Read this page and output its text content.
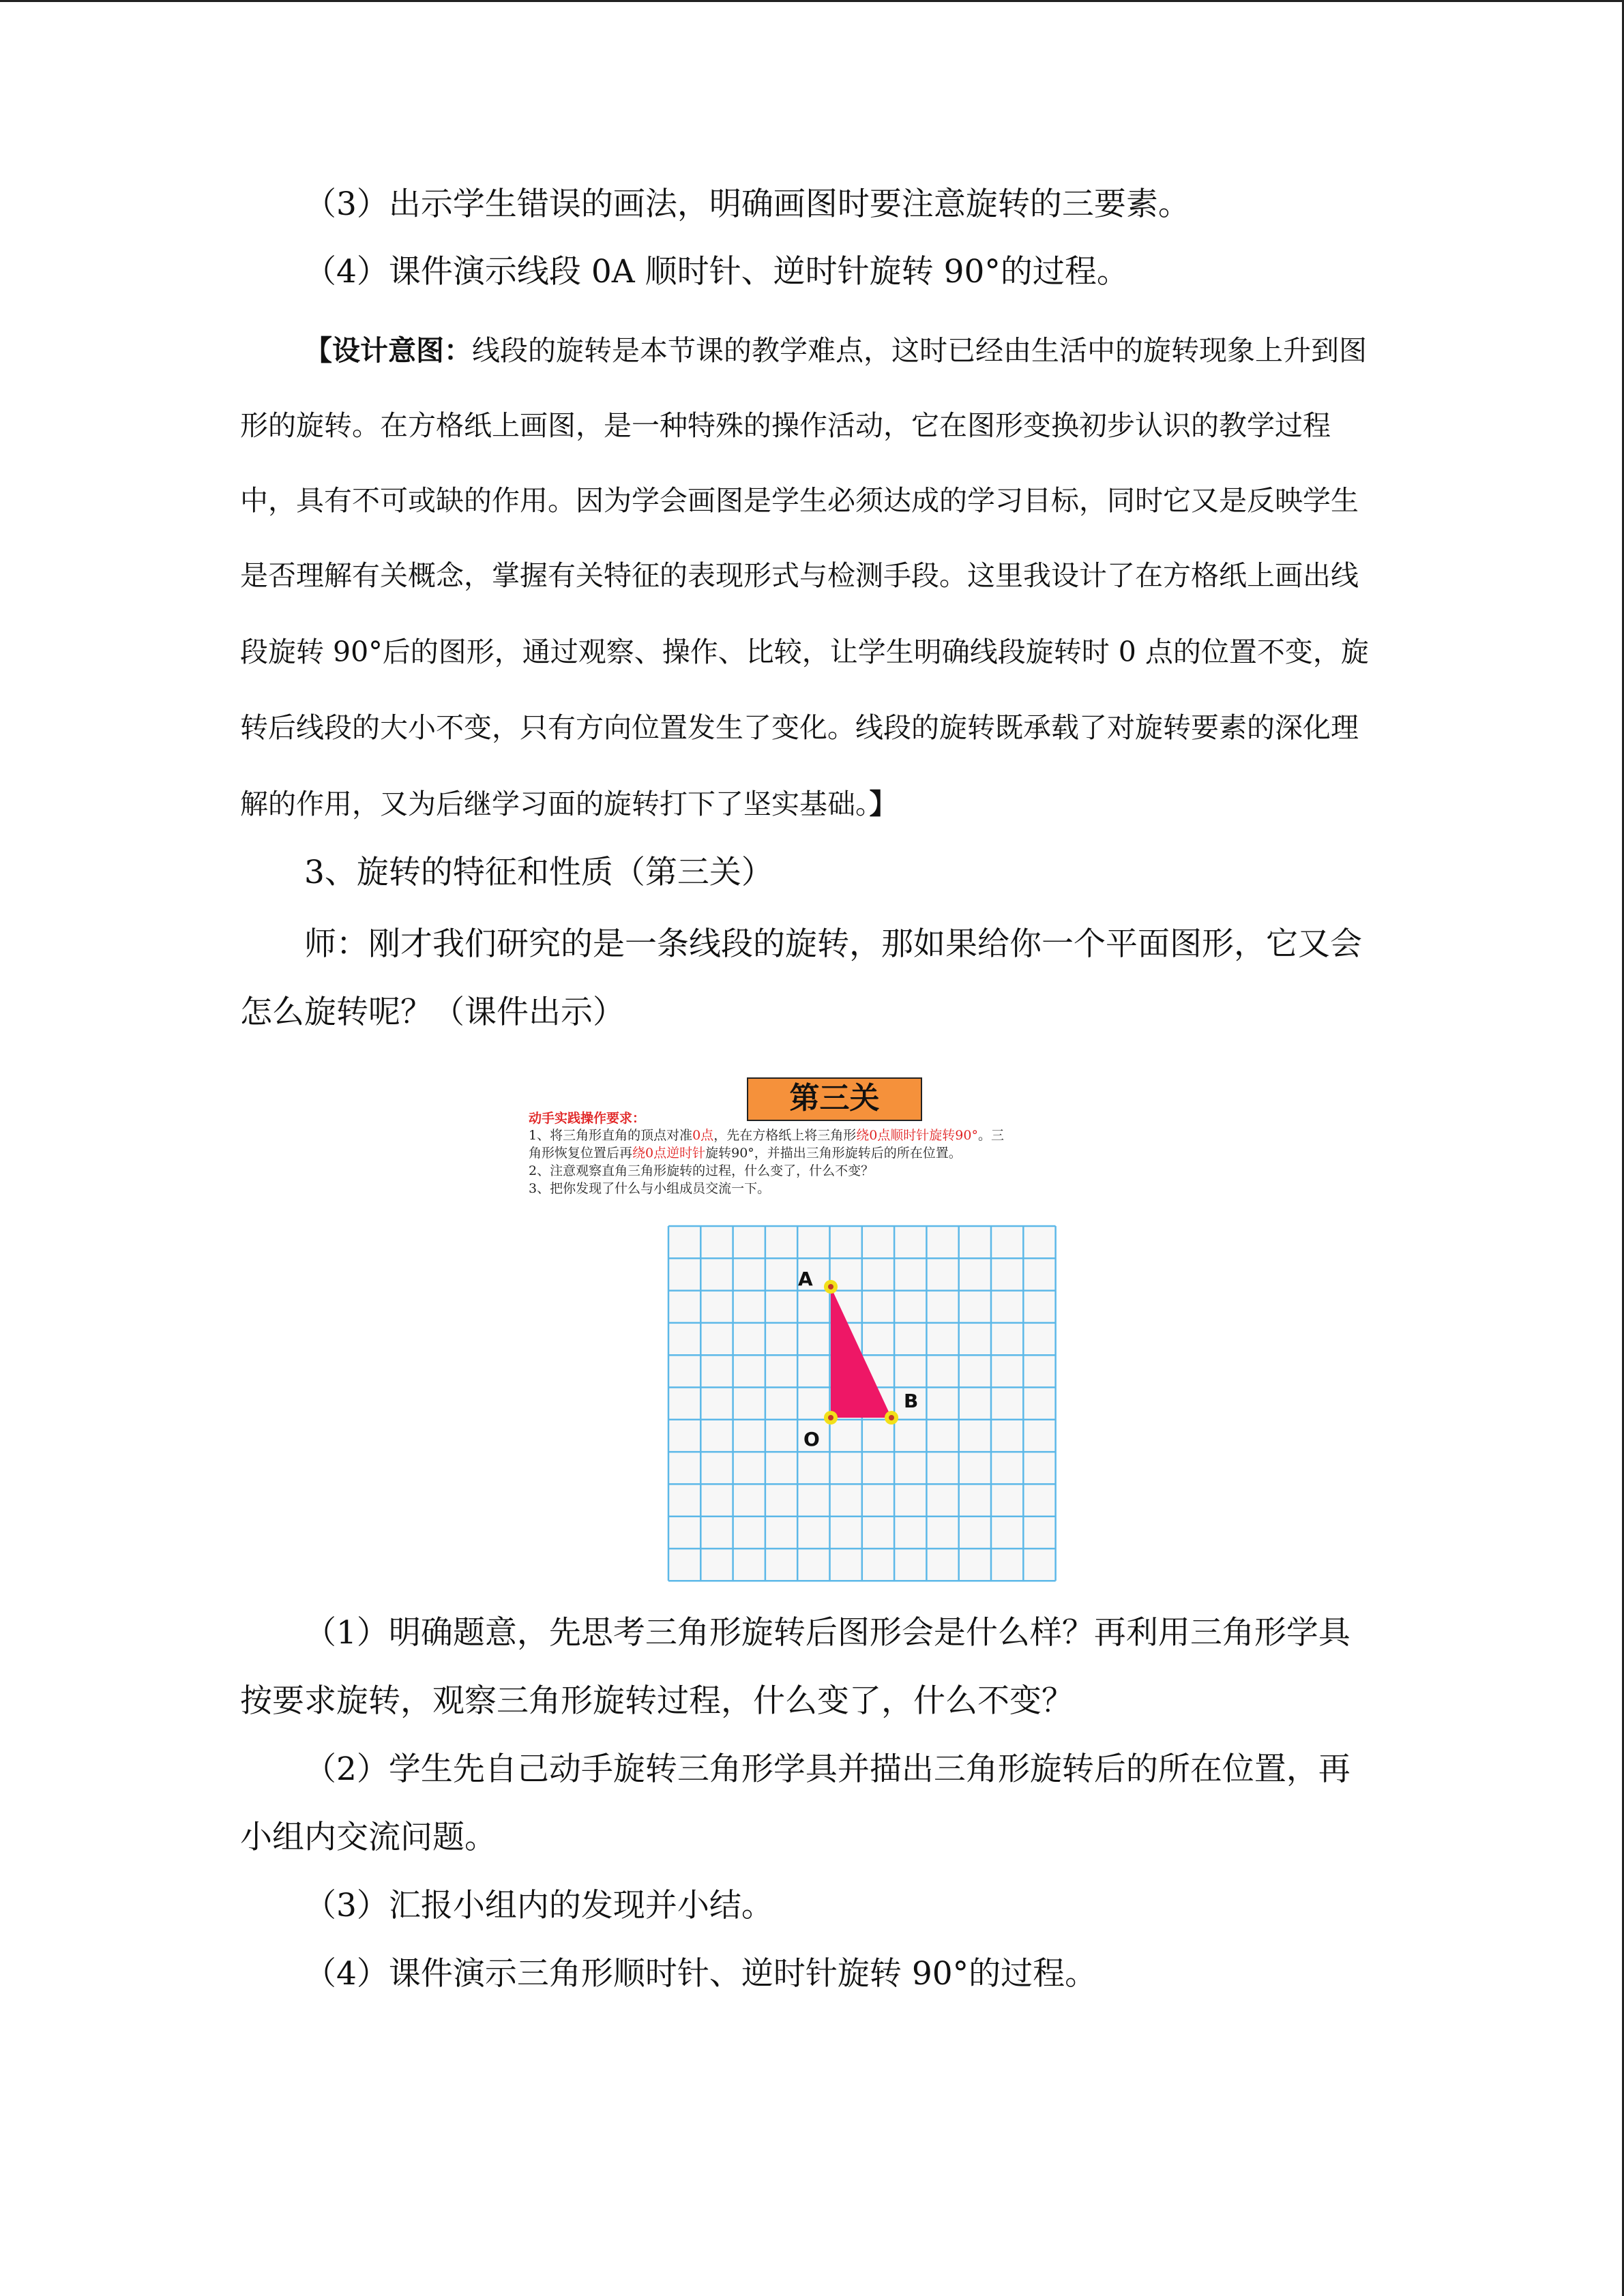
（3）出示学生错误的画法，明确画图时要注意旋转的三要素。
（4）课件演示线段 0A 顺时针、逆时针旋转 90°的过程。
【设计意图：线段的旋转是本节课的教学难点，这时已经由生活中的旋转现象上升到图
形的旋转。在方格纸上画图，是一种特殊的操作活动，它在图形变换初步认识的教学过程
中，具有不可或缺的作用。因为学会画图是学生必须达成的学习目标，同时它又是反映学生
是否理解有关概念，掌握有关特征的表现形式与检测手段。这里我设计了在方格纸上画出线
段旋转 90°后的图形，通过观察、操作、比较，让学生明确线段旋转时 0 点的位置不变，旋
转后线段的大小不变，只有方向位置发生了变化。线段的旋转既承载了对旋转要素的深化理
解的作用，又为后继学习面的旋转打下了坚实基础。】
3、旋转的特征和性质（第三关）
师：刚才我们研究的是一条线段的旋转，那如果给你一个平面图形，它又会
怎么旋转呢？（课件出示）
第三关
动手实践操作要求：
1、将三角形直角的顶点对准0点，先在方格纸上将三角形绕0点顺时针旋转90°。三
角形恢复位置后再绕0点逆时针旋转90°，并描出三角形旋转后的所在位置。
2、注意观察直角三角形旋转的过程，什么变了，什么不变？
3、把你发现了什么与小组成员交流一下。
A
B
O
（1）明确题意，先思考三角形旋转后图形会是什么样？再利用三角形学具
按要求旋转，观察三角形旋转过程，什么变了，什么不变？
（2）学生先自己动手旋转三角形学具并描出三角形旋转后的所在位置，再
小组内交流问题。
（3）汇报小组内的发现并小结。
（4）课件演示三角形顺时针、逆时针旋转 90°的过程。
